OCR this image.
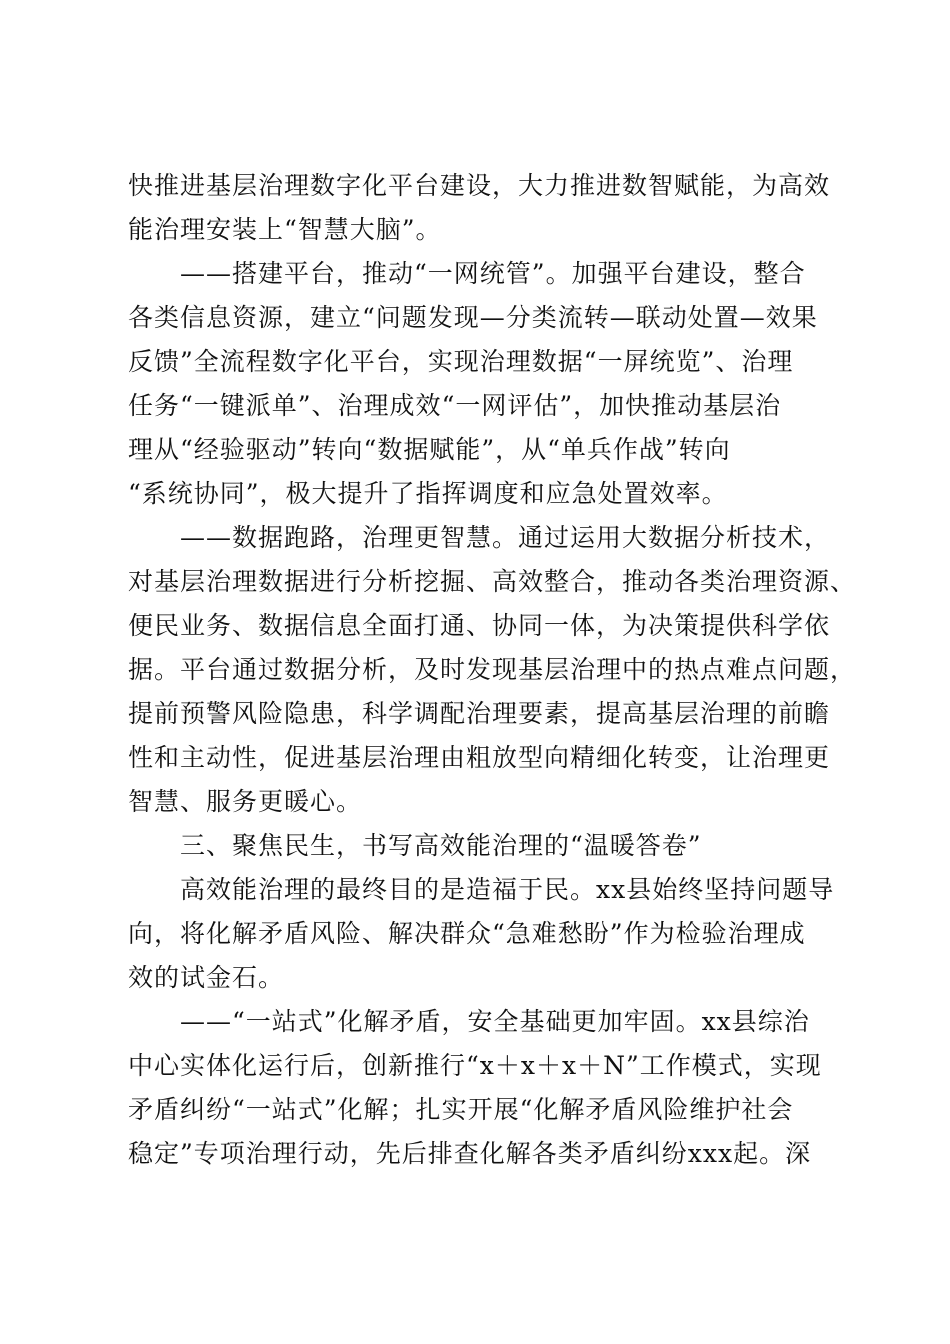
快推进基层治理数字化平台建设，大力推进数智赋能，为高效
能治理安装上“智慧大脑”。
——搭建平台，推动“一网统管”。加强平台建设，整合
各类信息资源，建立“问题发现—分类流转—联动处置—效果
反馈”全流程数字化平台，实现治理数据“一屏统览”、治理
任务“一键派单”、治理成效“一网评估”，加快推动基层治
理从“经验驱动”转向“数据赋能”，从“单兵作战”转向
“系统协同”，极大提升了指挥调度和应急处置效率。
——数据跑路，治理更智慧。通过运用大数据分析技术，
对基层治理数据进行分析挖掘、高效整合，推动各类治理资源、
便民业务、数据信息全面打通、协同一体，为决策提供科学依
据。平台通过数据分析，及时发现基层治理中的热点难点问题，
提前预警风险隐患，科学调配治理要素，提高基层治理的前瞻
性和主动性，促进基层治理由粗放型向精细化转变，让治理更
智慧、服务更暖心。
三、聚焦民生，书写高效能治理的“温暖答卷”
高效能治理的最终目的是造福于民。xx县始终坚持问题导
向，将化解矛盾风险、解决群众“急难愁盼”作为检验治理成
效的试金石。
——“一站式”化解矛盾，安全基础更加牢固。xx县综治
中心实体化运行后，创新推行“x＋x＋x＋N”工作模式，实现
矛盾纠纷“一站式”化解；扎实开展“化解矛盾风险维护社会
稳定”专项治理行动，先后排查化解各类矛盾纠纷xxx起。深
